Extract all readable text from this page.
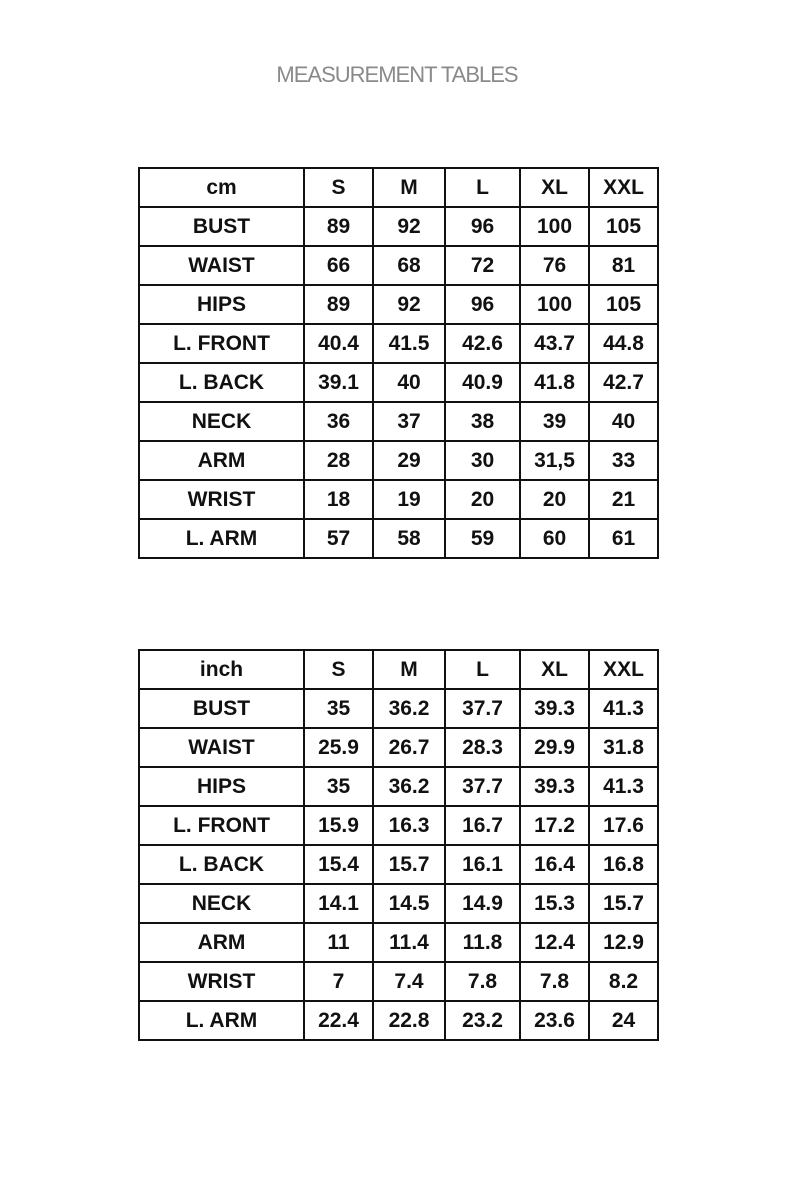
MEASUREMENT TABLES
cm	S	M	L	XL	XXL
BUST	89	92	96	100	105
WAIST	66	68	72	76	81
HIPS	89	92	96	100	105
L. FRONT	40.4	41.5	42.6	43.7	44.8
L. BACK	39.1	40	40.9	41.8	42.7
NECK	36	37	38	39	40
ARM	28	29	30	31,5	33
WRIST	18	19	20	20	21
L. ARM	57	58	59	60	61
inch	S	M	L	XL	XXL
BUST	35	36.2	37.7	39.3	41.3
WAIST	25.9	26.7	28.3	29.9	31.8
HIPS	35	36.2	37.7	39.3	41.3
L. FRONT	15.9	16.3	16.7	17.2	17.6
L. BACK	15.4	15.7	16.1	16.4	16.8
NECK	14.1	14.5	14.9	15.3	15.7
ARM	11	11.4	11.8	12.4	12.9
WRIST	7	7.4	7.8	7.8	8.2
L. ARM	22.4	22.8	23.2	23.6	24
